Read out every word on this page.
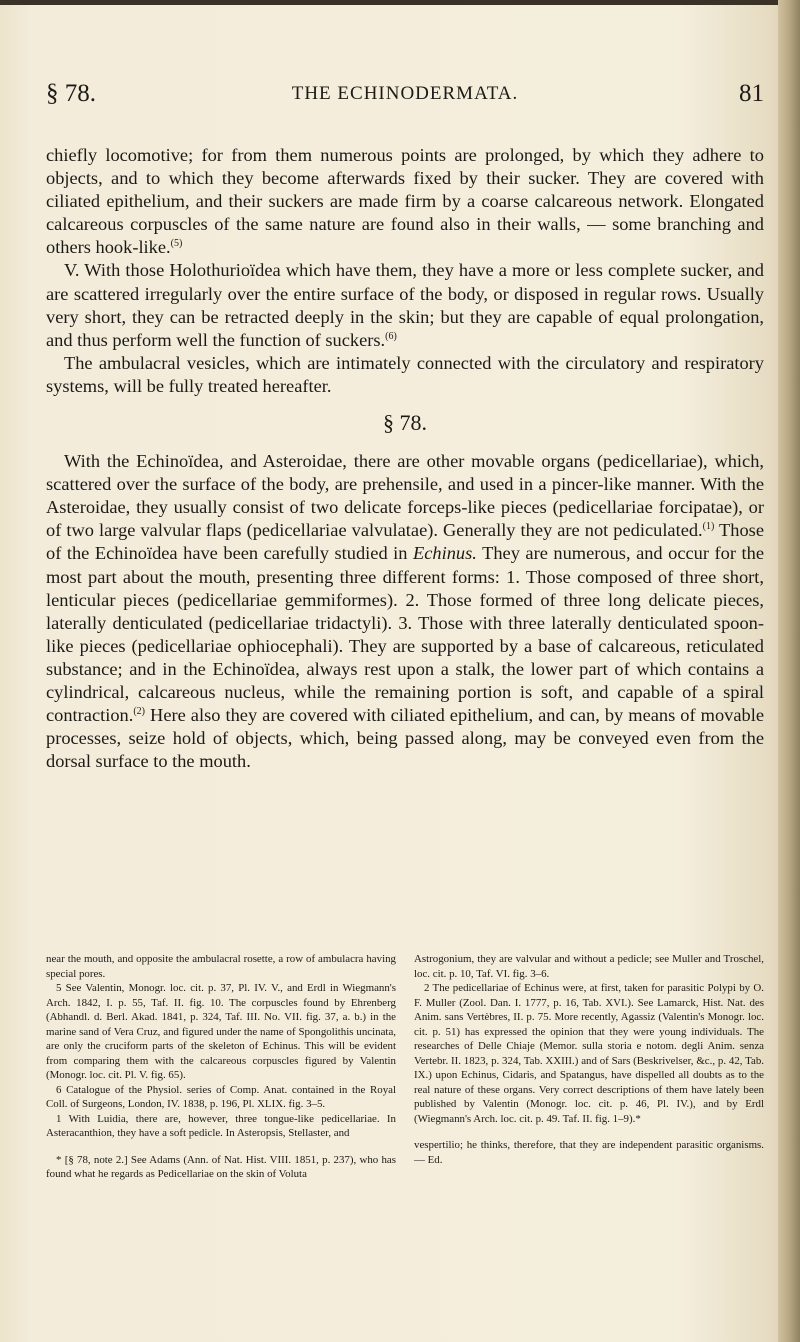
§ 78.	THE ECHINODERMATA.	81

chiefly locomotive; for from them numerous points are prolonged, by which they adhere to objects, and to which they become afterwards fixed by their sucker. They are covered with ciliated epithelium, and their suckers are made firm by a coarse calcareous network. Elongated calcareous corpuscles of the same nature are found also in their walls, — some branching and others hook-like.$^{(5)}$

V. With those Holothurioïdea which have them, they have a more or less complete sucker, and are scattered irregularly over the entire surface of the body, or disposed in regular rows. Usually very short, they can be retracted deeply in the skin; but they are capable of equal prolongation, and thus perform well the function of suckers.$^{(6)}$

The ambulacral vesicles, which are intimately connected with the circulatory and respiratory systems, will be fully treated hereafter.

§ 78.

With the Echinoïdea, and Asteroidae, there are other movable organs (pedicellariae), which, scattered over the surface of the body, are prehensile, and used in a pincer-like manner. With the Asteroidae, they usually consist of two delicate forceps-like pieces (pedicellariae forcipatae), or of two large valvular flaps (pedicellariae valvulatae). Generally they are not pediculated.$^{(1)}$ Those of the Echinoïdea have been carefully studied in Echinus. They are numerous, and occur for the most part about the mouth, presenting three different forms: 1. Those composed of three short, lenticular pieces (pedicellariae gemmiformes). 2. Those formed of three long delicate pieces, laterally denticulated (pedicellariae tridactyli). 3. Those with three laterally denticulated spoon-like pieces (pedicellariae ophiocephali). They are supported by a base of calcareous, reticulated substance; and in the Echinoïdea, always rest upon a stalk, the lower part of which contains a cylindrical, calcareous nucleus, while the remaining portion is soft, and capable of a spiral contraction.$^{(2)}$ Here also they are covered with ciliated epithelium, and can, by means of movable processes, seize hold of objects, which, being passed along, may be conveyed even from the dorsal surface to the mouth.

near the mouth, and opposite the ambulacral rosette, a row of ambulacra having special pores.

5 See Valentin, Monogr. loc. cit. p. 37, Pl. IV. V., and Erdl in Wiegmann's Arch. 1842, I. p. 55, Taf. II. fig. 10. The corpuscles found by Ehrenberg (Abhandl. d. Berl. Akad. 1841, p. 324, Taf. III. No. VII. fig. 37, a. b.) in the marine sand of Vera Cruz, and figured under the name of Spongolithis uncinata, are only the cruciform parts of the skeleton of Echinus. This will be evident from comparing them with the calcareous corpuscles figured by Valentin (Monogr. loc. cit. Pl. V. fig. 65).

6 Catalogue of the Physiol. series of Comp. Anat. contained in the Royal Coll. of Surgeons, London, IV. 1838, p. 196, Pl. XLIX. fig. 3–5.

1 With Luidia, there are, however, three tongue-like pedicellariae. In Asteracanthion, they have a soft pedicle. In Asteropsis, Stellaster, and

* [§ 78, note 2.] See Adams (Ann. of Nat. Hist. VIII. 1851, p. 237), who has found what he regards as Pedicellariae on the skin of Voluta

Astrogonium, they are valvular and without a pedicle; see Muller and Troschel, loc. cit. p. 10, Taf. VI. fig. 3–6.

2 The pedicellariae of Echinus were, at first, taken for parasitic Polypi by O. F. Muller (Zool. Dan. I. 1777, p. 16, Tab. XVI.). See Lamarck, Hist. Nat. des Anim. sans Vertèbres, II. p. 75. More recently, Agassiz (Valentin's Monogr. loc. cit. p. 51) has expressed the opinion that they were young individuals. The researches of Delle Chiaje (Memor. sulla storia e notom. degli Anim. senza Vertebr. II. 1823, p. 324, Tab. XXIII.) and of Sars (Beskrivelser, &c., p. 42, Tab. IX.) upon Echinus, Cidaris, and Spatangus, have dispelled all doubts as to the real nature of these organs. Very correct descriptions of them have lately been published by Valentin (Monogr. loc. cit. p. 46, Pl. IV.), and by Erdl (Wiegmann's Arch. loc. cit. p. 49. Taf. II. fig. 1–9).*

vespertilio; he thinks, therefore, that they are independent parasitic organisms. — Ed.
